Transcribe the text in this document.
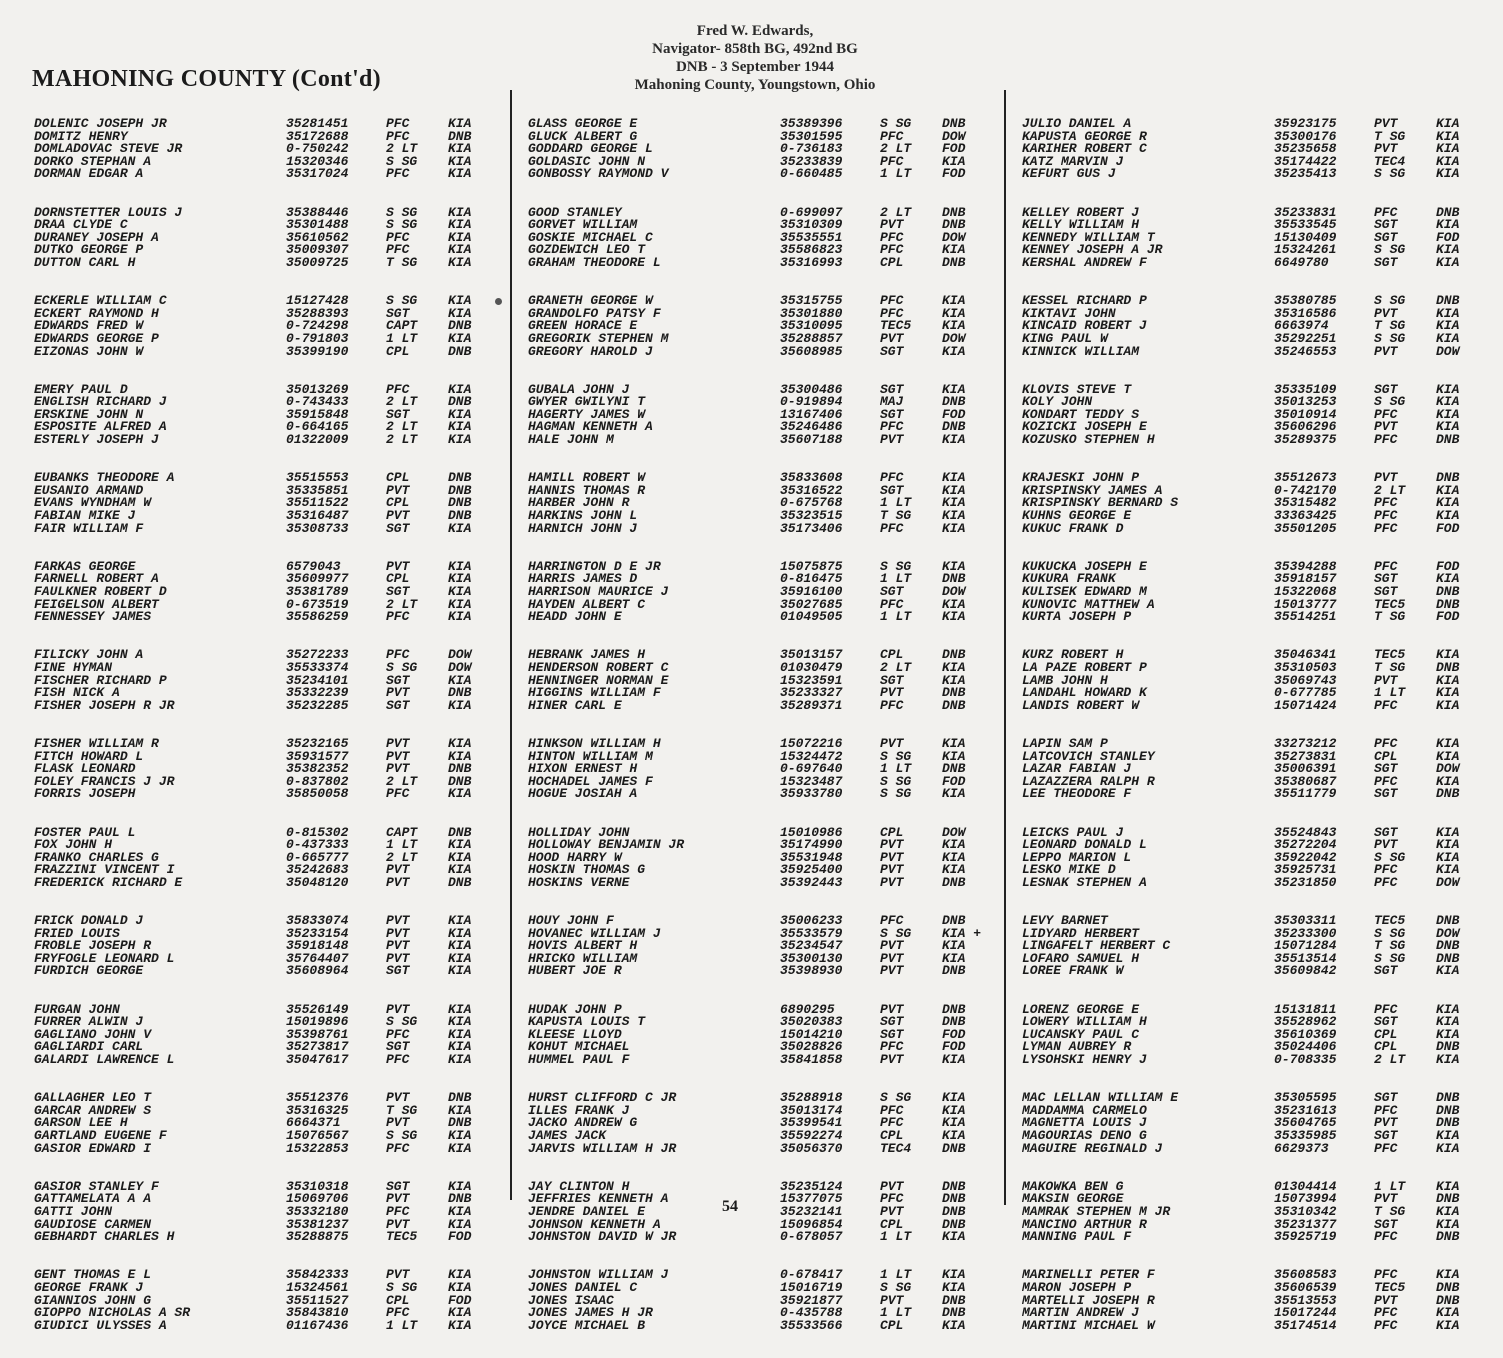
MAHONING COUNTY (Cont'd)
Fred W. Edwards,
Navigator- 858th BG, 492nd BG
DNB - 3 September 1944
Mahoning County, Youngstown, Ohio
DOLENIC JOSEPH JR	35281451	PFC	KIA
DOMITZ HENRY	35172688	PFC	DNB
DOMLADOVAC STEVE JR	0-750242	2 LT KIA
DORKO STEPHAN A	15320346	S SG KIA
DORMAN EDGAR A	35317024	PFC	KIA
DORNSTETTER LOUIS J	35388446	S SG KIA
DRAA CLYDE C	35301488	S SG KIA
DURANEY JOSEPH A	35610562	PFC	KIA
DUTKO GEORGE P	35009307	PFC	KIA
DUTTON CARL H	35009725	T SG KIA
ECKERLE WILLIAM C	15127428	S SG KIA
ECKERT RAYMOND H	35288393	SGT	KIA
EDWARDS FRED W	0-724298	CAPT DNB
EDWARDS GEORGE P	0-791803	1 LT KIA
EIZONAS JOHN W	35399190	CPL	DNB
EMERY PAUL D	35013269	PFC	KIA
ENGLISH RICHARD J	0-743433	2 LT DNB
ERSKINE JOHN N	35915848	SGT	KIA
ESPOSITE ALFRED A	0-664165	2 LT KIA
ESTERLY JOSEPH J	01322009	2 LT KIA
EUBANKS THEODORE A	35515553	CPL	DNB
EUSANIO ARMAND	35335851	PVT	DNB
EVANS WYNDHAM W	35511522	CPL	DNB
FABIAN MIKE J	35316487	PVT	DNB
FAIR WILLIAM F	35308733	SGT	KIA
FARKAS GEORGE	6579043	PVT	KIA
FARNELL ROBERT A	35609977	CPL	KIA
FAULKNER ROBERT D	35381789	SGT	KIA
FEIGELSON ALBERT	0-673519	2 LT KIA
FENNESSEY JAMES	35586259	PFC	KIA
FILICKY JOHN A	35272233	PFC	DOW
FINE HYMAN	35533374	S SG DOW
FISCHER RICHARD P	35234101	SGT	KIA
FISH NICK A	35332239	PVT	DNB
FISHER JOSEPH R JR	35232285	SGT	KIA
FISHER WILLIAM R	35232165	PVT	KIA
FITCH HOWARD L	35931577	PVT	KIA
FLASK LEONARD	35382352	PVT	DNB
FOLEY FRANCIS J JR	0-837802	2 LT DNB
FORRIS JOSEPH	35850058	PFC	KIA
FOSTER PAUL L	0-815302	CAPT DNB
FOX JOHN H	0-437333	1 LT KIA
FRANKO CHARLES G	0-665777	2 LT KIA
FRAZZINI VINCENT I	35242683	PVT	KIA
FREDERICK RICHARD E	35048120	PVT	DNB
FRICK DONALD J	35833074	PVT	KIA
FRIED LOUIS	35233154	PVT	KIA
FROBLE JOSEPH R	35918148	PVT	KIA
FRYFOGLE LEONARD L	35764407	PVT	KIA
FURDICH GEORGE	35608964	SGT	KIA
FURGAN JOHN	35526149	PVT	KIA
FURRER ALWIN J	15019896	S SG KIA
GAGLIANO JOHN V	35398761	PFC	KIA
GAGLIARDI CARL	35273817	SGT	KIA
GALARDI LAWRENCE L	35047617	PFC	KIA
GALLAGHER LEO T	35512376	PVT	DNB
GARCAR ANDREW S	35316325	T SG KIA
GARSON LEE H	6664371	PVT	DNB
GARTLAND EUGENE F	15076567	S SG KIA
GASIOR EDWARD I	15322853	PFC	KIA
GASIOR STANLEY F	35310318	SGT	KIA
GATTAMELATA A A	15069706	PVT	DNB
GATTI JOHN	35332180	PFC	KIA
GAUDIOSE CARMEN	35381237	PVT	KIA
GEBHARDT CHARLES H	35288875	TEC5 FOD
GENT THOMAS E L	35842333	PVT	KIA
GEORGE FRANK J	15324561	S SG KIA
GIANNIOS JOHN G	35511527	CPL	FOD
GIOPPO NICHOLAS A SR	35843810	PFC	KIA
GIUDICI ULYSSES A	01167436	1 LT KIA
GLASS GEORGE E	35389396	S SG DNB
GLUCK ALBERT G	35301595	PFC	DOW
GODDARD GEORGE L	0-736183	2 LT FOD
GOLDASIC JOHN N	35233839	PFC	KIA
GONBOSSY RAYMOND V	0-660485	1 LT FOD
GOOD STANLEY	0-699097	2 LT DNB
GORVET WILLIAM	35310309	PVT	DNB
GOSKIE MICHAEL C	35535551	PFC	DOW
GOZDEWICH LEO T	35586823	PFC	KIA
GRAHAM THEODORE L	35316993	CPL	DNB
GRANETH GEORGE W	35315755	PFC	KIA
GRANDOLFO PATSY F	35301880	PFC	KIA
GREEN HORACE E	35310095	TEC5 KIA
GREGORIK STEPHEN M	35288857	PVT	DOW
GREGORY HAROLD J	35608985	SGT	KIA
GUBALA JOHN J	35300486	SGT	KIA
GWYER GWILYNI T	0-919894	MAJ	DNB
HAGERTY JAMES W	13167406	SGT	FOD
HAGMAN KENNETH A	35246486	PFC	DNB
HALE JOHN M	35607188	PVT	KIA
HAMILL ROBERT W	35833608	PFC	KIA
HANNIS THOMAS R	35316522	SGT	KIA
HARBER JOHN R	0-675768	1 LT KIA
HARKINS JOHN L	35323515	T SG KIA
HARNICH JOHN J	35173406	PFC	KIA
HARRINGTON D E JR	15075875	S SG KIA
HARRIS JAMES D	0-816475	1 LT DNB
HARRISON MAURICE J	35916100	SGT	DOW
HAYDEN ALBERT C	35027685	PFC	KIA
HEADD JOHN E	01049505	1 LT KIA
HEBRANK JAMES H	35013157	CPL	DNB
HENDERSON ROBERT C	01030479	2 LT KIA
HENNINGER NORMAN E	15323591	SGT	KIA
HIGGINS WILLIAM F	35233327	PVT	DNB
HINER CARL E	35289371	PFC	DNB
HINKSON WILLIAM H	15072216	PVT	KIA
HINTON WILLIAM M	15324472	S SG KIA
HIXON ERNEST H	0-697640	1 LT DNB
HOCHADEL JAMES F	15323487	S SG FOD
HOGUE JOSIAH A	35933780	S SG KIA
HOLLIDAY JOHN	15010986	CPL	DOW
HOLLOWAY BENJAMIN JR	35174990	PVT	KIA
HOOD HARRY W	35531948	PVT	KIA
HOSKIN THOMAS G	35925400	PVT	KIA
HOSKINS VERNE	35392443	PVT	DNB
HOUY JOHN F	35006233	PFC	DNB
HOVANEC WILLIAM J	35533579	S SG KIA +
HOVIS ALBERT H	35234547	PVT	KIA
HRICKO WILLIAM	35300130	PVT	KIA
HUBERT JOE R	35398930	PVT	DNB
HUDAK JOHN P	6890295	PVT	DNB
KAPUSTA LOUIS T	35020383	SGT	DNB
KLEESE LLOYD	15014210	SGT	FOD
KOHUT MICHAEL	35028826	PFC	FOD
HUMMEL PAUL F	35841858	PVT	KIA
HURST CLIFFORD C JR	35288918	S SG KIA
ILLES FRANK J	35013174	PFC	KIA
JACKO ANDREW G	35399541	PFC	KIA
JAMES JACK	35592274	CPL	KIA
JARVIS WILLIAM H JR	35056370	TEC4 DNB
JAY CLINTON H	35235124	PVT	DNB
JEFFRIES KENNETH A	15377075	PFC	DNB
JENDRE DANIEL E	35232141	PVT	DNB
JOHNSON KENNETH A	15096854	CPL	DNB
JOHNSTON DAVID W JR	0-678057	1 LT KIA
JOHNSTON WILLIAM J	0-678417	1 LT KIA
JONES DANIEL C	15016719	S SG KIA
JONES ISAAC	35921877	PVT	DNB
JONES JAMES H JR	0-435788	1 LT DNB
JOYCE MICHAEL B	35533566	CPL	KIA
JULIO DANIEL A	35923175	PVT	KIA
KAPUSTA GEORGE R	35300176	T SG KIA
KARIHER ROBERT C	35235658	PVT	KIA
KATZ MARVIN J	35174422	TEC4 KIA
KEFURT GUS J	35235413	S SG KIA
KELLEY ROBERT J	35233831	PFC	DNB
KELLY WILLIAM H	35533545	SGT	KIA
KENNEDY WILLIAM T	15130409	SGT	FOD
KENNEY JOSEPH A JR	15324261	S SG KIA
KERSHAL ANDREW F	6649780	SGT	KIA
KESSEL RICHARD P	35380785	S SG DNB
KIKTAVI JOHN	35316586	PVT	KIA
KINCAID ROBERT J	6663974	T SG KIA
KING PAUL W	35292251	S SG KIA
KINNICK WILLIAM	35246553	PVT	DOW
KLOVIS STEVE T	35335109	SGT	KIA
KOLY JOHN	35013253	S SG KIA
KONDART TEDDY S	35010914	PFC	KIA
KOZICKI JOSEPH E	35606296	PVT	KIA
KOZUSKO STEPHEN H	35289375	PFC	DNB
KRAJESKI JOHN P	35512673	PVT	DNB
KRISPINSKY JAMES A	0-742170	2 LT KIA
KRISPINSKY BERNARD S	35315482	PFC	KIA
KUHNS GEORGE E	33363425	PFC	KIA
KUKUC FRANK D	35501205	PFC	FOD
KUKUCKA JOSEPH E	35394288	PFC	FOD
KUKURA FRANK	35918157	SGT	KIA
KULISEK EDWARD M	15322068	SGT	DNB
KUNOVIC MATTHEW A	15013777	TEC5 DNB
KURTA JOSEPH P	35514251	T SG FOD
KURZ ROBERT H	35046341	TEC5 KIA
LA PAZE ROBERT P	35310503	T SG DNB
LAMB JOHN H	35069743	PVT	KIA
LANDAHL HOWARD K	0-677785	1 LT KIA
LANDIS ROBERT W	15071424	PFC	KIA
LAPIN SAM P	33273212	PFC	KIA
LATCOVICH STANLEY	35273831	CPL	KIA
LAZAR FABIAN J	35006391	SGT	DOW
LAZAZZERA RALPH R	35380687	PFC	KIA
LEE THEODORE F	35511779	SGT	DNB
LEICKS PAUL J	35524843	SGT	KIA
LEONARD DONALD L	35272204	PVT	KIA
LEPPO MARION L	35922042	S SG KIA
LESKO MIKE D	35925731	PFC	KIA
LESNAK STEPHEN A	35231850	PFC	DOW
LEVY BARNET	35303311	TEC5 DNB
LIDYARD HERBERT	35233300	S SG DOW
LINGAFELT HERBERT C	15071284	T SG DNB
LOFARO SAMUEL H	35513514	S SG DNB
LOREE FRANK W	35609842	SGT	KIA
LORENZ GEORGE E	15131811	PFC	KIA
LOWERY WILLIAM H	35528962	SGT	KIA
LUCANSKY PAUL C	35610369	CPL	KIA
LYMAN AUBREY R	35024406	CPL	DNB
LYSOHSKI HENRY J	0-708335	2 LT KIA
MAC LELLAN WILLIAM E	35305595	SGT	DNB
MADDAMMA CARMELO	35231613	PFC	DNB
MAGNETTA LOUIS J	35604765	PVT	DNB
MAGOURIAS DENO G	35335985	SGT	KIA
MAGUIRE REGINALD J	6629373	PFC	KIA
MAKOWKA BEN G	01304414	1 LT KIA
MAKSIN GEORGE	15073994	PVT	DNB
MAMRAK STEPHEN M JR	35310342	T SG KIA
MANCINO ARTHUR R	35231377	SGT	KIA
MANNING PAUL F	35925719	PFC	DNB
MARINELLI PETER F	35608583	PFC	KIA
MARON JOSEPH P	35606539	TEC5 DNB
MARTELLI JOSEPH R	35513553	PVT	DNB
MARTIN ANDREW J	15017244	PFC	KIA
MARTINI MICHAEL W	35174514	PFC	KIA
54
